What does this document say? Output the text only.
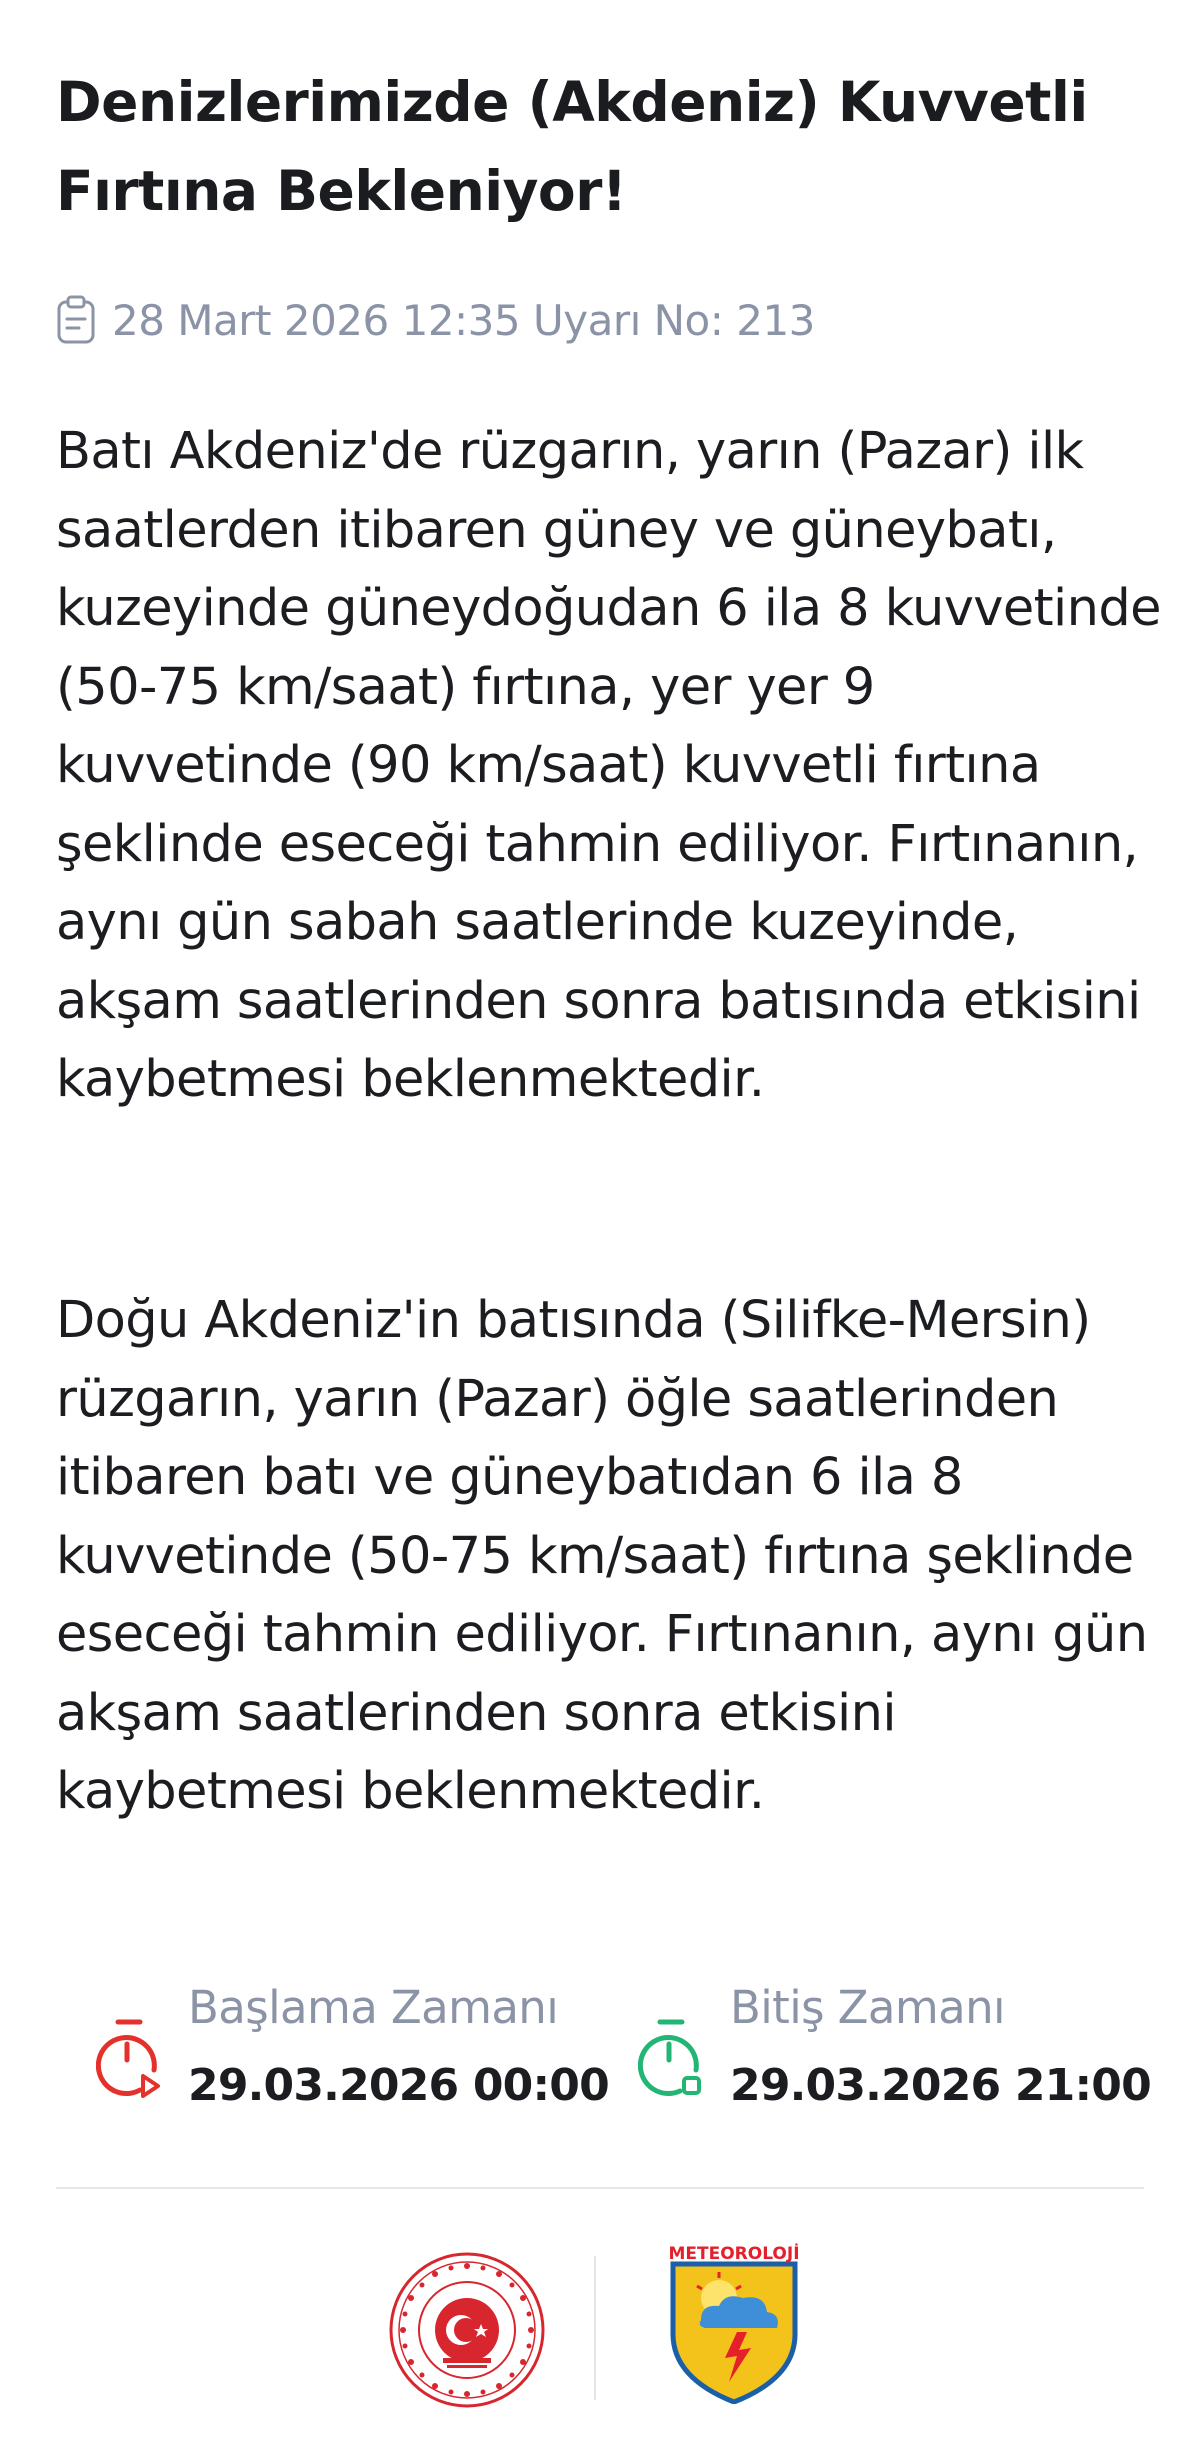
Denizlerimizde (Akdeniz) Kuvvetli Fırtına Bekleniyor!
28 Mart 2026 12:35 Uyarı No: 213

Batı Akdeniz'de rüzgarın, yarın (Pazar) ilk saatlerden itibaren güney ve güneybatı, kuzeyinde güneydoğudan 6 ila 8 kuvvetinde (50-75 km/saat) fırtına, yer yer 9 kuvvetinde (90 km/saat) kuvvetli fırtına şeklinde eseceği tahmin ediliyor. Fırtınanın, aynı gün sabah saatlerinde kuzeyinde, akşam saatlerinden sonra batısında etkisini kaybetmesi beklenmektedir.

Doğu Akdeniz'in batısında (Silifke-Mersin) rüzgarın, yarın (Pazar) öğle saatlerinden itibaren batı ve güneybatıdan 6 ila 8 kuvvetinde (50-75 km/saat) fırtına şeklinde eseceği tahmin ediliyor. Fırtınanın, aynı gün akşam saatlerinden sonra etkisini kaybetmesi beklenmektedir.

Başlama Zamanı
29.03.2026 00:00
Bitiş Zamanı
29.03.2026 21:00
METEOROLOJİ
